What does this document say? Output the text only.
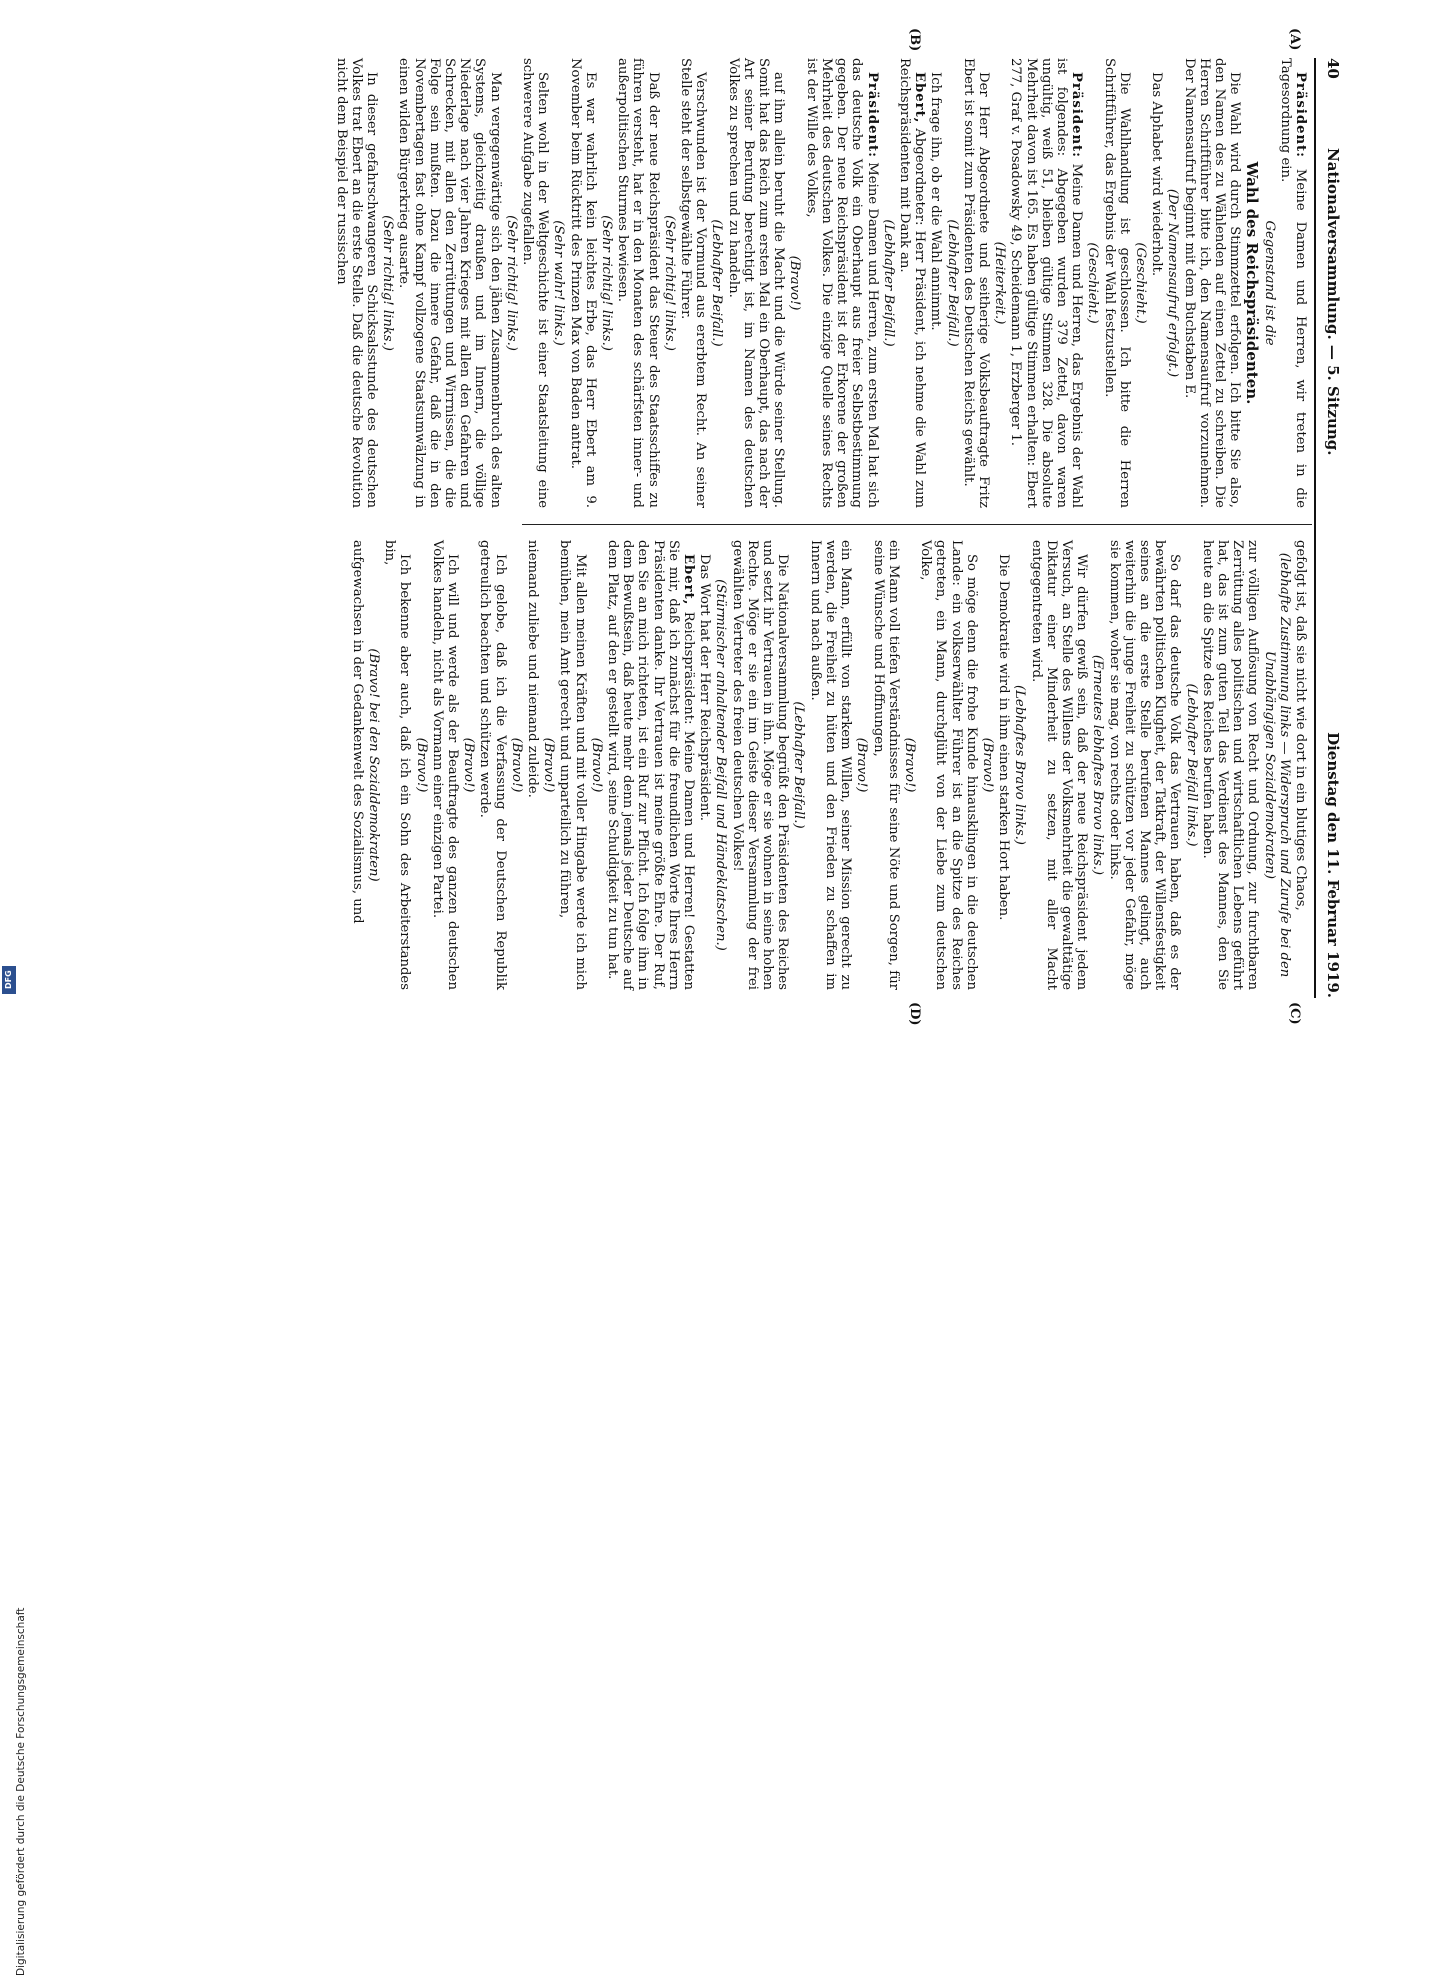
40
Nationalversammlung. — 5. Sitzung.
Dienstag den 11. Februar 1919.
(A)
(B)
(C)
(D)

Präsident: Meine Damen und Herren, wir treten in die Tagesordnung ein.

Gegenstand ist die

Wahl des Reichspräsidenten.

Die Wahl wird durch Stimmzettel erfolgen. Ich bitte Sie also, den Namen des zu Wählenden auf einen Zettel zu schreiben. Die Herren Schriftführer bitte ich, den Namensaufruf vorzunehmen. Der Namensaufruf beginnt mit dem Buchstaben E.

(Der Namensaufruf erfolgt.)

Das Alphabet wird wiederholt.

(Geschieht.)

Die Wahlhandlung ist geschlossen. Ich bitte die Herren Schriftführer, das Ergebnis der Wahl festzustellen.

(Geschieht.)

Präsident: Meine Damen und Herren, das Ergebnis der Wahl ist folgendes: Abgegeben wurden 379 Zettel, davon waren ungültig, weiß 51, bleiben gültige Stimmen 328. Die absolute Mehrheit davon ist 165. Es haben gültige Stimmen erhalten: Ebert 277, Graf v. Posadowsky 49, Scheidemann 1, Erzberger 1.

(Heiterkeit.)

Der Herr Abgeordnete und seitherige Volksbeauftragte Fritz Ebert ist somit zum Präsidenten des Deutschen Reichs gewählt.

(Lebhafter Beifall.)

Ich frage ihn, ob er die Wahl annimmt.

Ebert, Abgeordneter: Herr Präsident, ich nehme die Wahl zum Reichspräsidenten mit Dank an.

(Lebhafter Beifall.)

Präsident: Meine Damen und Herren, zum ersten Mal hat sich das deutsche Volk ein Oberhaupt aus freier Selbstbestimmung gegeben. Der neue Reichspräsident ist der Erkorene der großen Mehrheit des deutschen Volkes. Die einzige Quelle seines Rechts ist der Wille des Volkes,

(Bravo!)

auf ihm allein beruht die Macht und die Würde seiner Stellung. Somit hat das Reich zum ersten Mal ein Oberhaupt, das nach der Art seiner Berufung berechtigt ist, im Namen des deutschen Volkes zu sprechen und zu handeln.

(Lebhafter Beifall.)

Verschwunden ist der Vormund aus ererbtem Recht. An seiner Stelle steht der selbstgewählte Führer.

(Sehr richtig! links.)

Daß der neue Reichspräsident das Steuer des Staatsschiffes zu führen versteht, hat er in den Monaten des schärfsten inner- und außerpolitischen Sturmes bewiesen.

(Sehr richtig! links.)

Es war wahrlich kein leichtes Erbe, das Herr Ebert am 9. November beim Rücktritt des Prinzen Max von Baden antrat.

(Sehr wahr! links.)

Selten wohl in der Weltgeschichte ist einer Staatsleitung eine schwerere Aufgabe zugefallen.

(Sehr richtig! links.)

Man vergegenwärtige sich den jähen Zusammenbruch des alten Systems, gleichzeitig draußen und im Innern, die völlige Niederlage nach vier Jahren Krieges mit allen den Gefahren und Schrecken, mit allen den Zerrüttungen und Wirrnissen, die die Folge sein mußten. Dazu die innere Gefahr, daß die in den Novembertagen fast ohne Kampf vollzogene Staatsumwälzung in einen wilden Bürgerkrieg ausarte.

(Sehr richtig! links.)

In dieser gefahrschwangeren Schicksalsstunde des deutschen Volkes trat Ebert an die erste Stelle. Daß die deutsche Revolution nicht dem Beispiel der russischen

gefolgt ist, daß sie nicht wie dort in ein blutiges Chaos,

(lebhafte Zustimmung links — Widerspruch und Zurufe bei den Unabhängigen Sozialdemokraten)

zur völligen Auflösung von Recht und Ordnung, zur furchtbaren Zerrüttung alles politischen und wirtschaftlichen Lebens geführt hat, das ist zum guten Teil das Verdienst des Mannes, den Sie heute an die Spitze des Reiches berufen haben.

(Lebhafter Beifall links.)

So darf das deutsche Volk das Vertrauen haben, daß es der bewährten politischen Klugheit, der Tatkraft, der Willensfestigkeit seines an die erste Stelle berufenen Mannes gelingt, auch weiterhin die junge Freiheit zu schützen vor jeder Gefahr, möge sie kommen, woher sie mag, von rechts oder links.

(Erneutes lebhaftes Bravo links.)

Wir dürfen gewiß sein, daß der neue Reichspräsident jedem Versuch, an Stelle des Willens der Volksmehrheit die gewalttätige Diktatur einer Minderheit zu setzen, mit aller Macht entgegentreten wird.

(Lebhaftes Bravo links.)

Die Demokratie wird in ihm einen starken Hort haben.

(Bravo!)

So möge denn die frohe Kunde hinausklingen in die deutschen Lande: ein volkserwählter Führer ist an die Spitze des Reiches getreten, ein Mann, durchglüht von der Liebe zum deutschen Volke,

(Bravo!)

ein Mann voll tiefen Verständnisses für seine Nöte und Sorgen, für seine Wünsche und Hoffnungen,

(Bravo!)

ein Mann, erfüllt von starkem Willen, seiner Mission gerecht zu werden, die Freiheit zu hüten und den Frieden zu schaffen im Innern und nach außen.

(Lebhafter Beifall.)

Die Nationalversammlung begrüßt den Präsidenten des Reiches und setzt ihr Vertrauen in ihn. Möge er sie wohnen in seine hohen Rechte. Möge er sie ein im Geiste dieser Versammlung der frei gewählten Vertreter des freien deutschen Volkes!

(Stürmischer anhaltender Beifall und Händeklatschen.)

Das Wort hat der Herr Reichspräsident.

Ebert, Reichspräsident: Meine Damen und Herren! Gestatten Sie mir, daß ich zunächst für die freundlichen Worte Ihres Herrn Präsidenten danke. Ihr Vertrauen ist meine größte Ehre. Der Ruf, den Sie an mich richteten, ist ein Ruf zur Pflicht. Ich folge ihm in dem Bewußtsein, daß heute mehr denn jemals jeder Deutsche auf dem Platz, auf den er gestellt wird, seine Schuldigkeit zu tun hat.

(Bravo!)

Mit allen meinen Kräften und mit voller Hingabe werde ich mich bemühen, mein Amt gerecht und unparteilich zu führen,

(Bravo!)

niemand zuliebe und niemand zuleide.

(Bravo!)

Ich gelobe, daß ich die Verfassung der Deutschen Republik getreulich beachten und schützen werde.

(Bravo!)

Ich will und werde als der Beauftragte des ganzen deutschen Volkes handeln, nicht als Vormann einer einzigen Partei.

(Bravo!)

Ich bekenne aber auch, daß ich ein Sohn des Arbeiterstandes bin,

(Bravo! bei den Sozialdemokraten)

aufgewachsen in der Gedankenwelt des Sozialismus, und

DFG
Digitalisierung gefördert durch die Deutsche Forschungsgemeinschaft
